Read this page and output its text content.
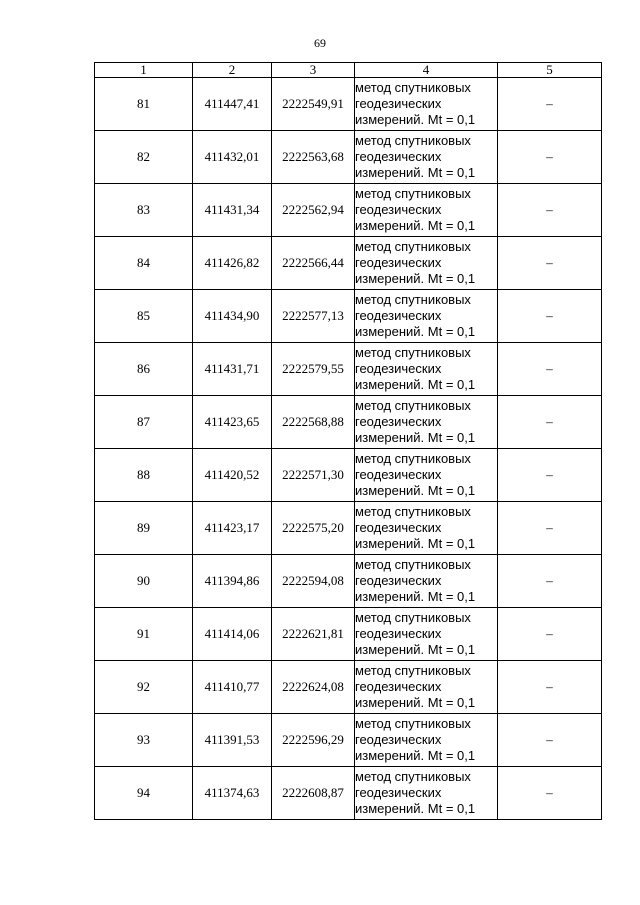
69
1	2	3	4	5
81	411447,41	2222549,91	метод спутниковых
геодезических
измерений. Mt = 0,1	–
82	411432,01	2222563,68	метод спутниковых
геодезических
измерений. Mt = 0,1	–
83	411431,34	2222562,94	метод спутниковых
геодезических
измерений. Mt = 0,1	–
84	411426,82	2222566,44	метод спутниковых
геодезических
измерений. Mt = 0,1	–
85	411434,90	2222577,13	метод спутниковых
геодезических
измерений. Mt = 0,1	–
86	411431,71	2222579,55	метод спутниковых
геодезических
измерений. Mt = 0,1	–
87	411423,65	2222568,88	метод спутниковых
геодезических
измерений. Mt = 0,1	–
88	411420,52	2222571,30	метод спутниковых
геодезических
измерений. Mt = 0,1	–
89	411423,17	2222575,20	метод спутниковых
геодезических
измерений. Mt = 0,1	–
90	411394,86	2222594,08	метод спутниковых
геодезических
измерений. Mt = 0,1	–
91	411414,06	2222621,81	метод спутниковых
геодезических
измерений. Mt = 0,1	–
92	411410,77	2222624,08	метод спутниковых
геодезических
измерений. Mt = 0,1	–
93	411391,53	2222596,29	метод спутниковых
геодезических
измерений. Mt = 0,1	–
94	411374,63	2222608,87	метод спутниковых
геодезических
измерений. Mt = 0,1	–
